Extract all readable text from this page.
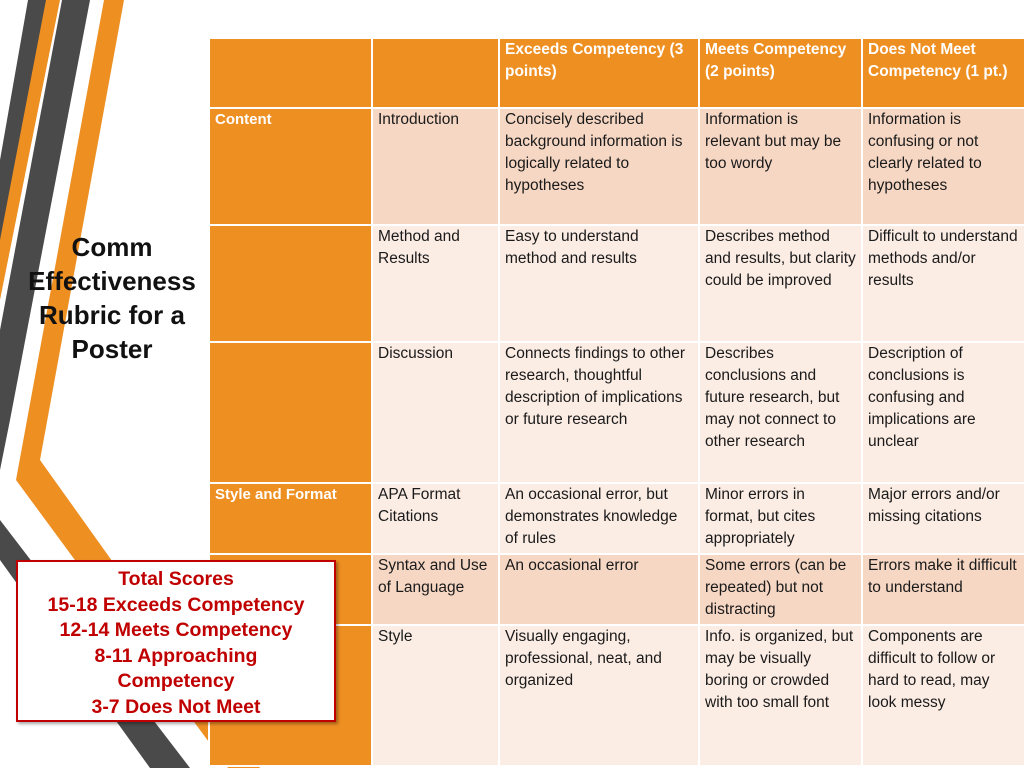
Comm
Effectiveness
Rubric for a
Poster
		Exceeds Competency (3 points)	Meets Competency (2 points)	Does Not Meet Competency (1 pt.)
Content	Introduction	Concisely described background information is logically related to hypotheses	Information is relevant but may be too wordy	Information is confusing or not clearly related to hypotheses
	Method and Results	Easy to understand method and results	Describes method and results, but clarity could be improved	Difficult to understand methods and/or results
	Discussion	Connects findings to other research, thoughtful description of implications or future research	Describes conclusions and future research, but may not connect to other research	Description of conclusions is confusing and implications are unclear
Style and Format	APA Format Citations	An occasional error, but demonstrates knowledge of rules	Minor errors in format, but cites appropriately	Major errors and/or missing citations
	Syntax and Use of Language	An occasional error	Some errors (can be repeated) but not distracting	Errors make it difficult to understand
	Style	Visually engaging, professional, neat, and organized	Info. is organized, but may be visually boring or crowded with too small font	Components are difficult to follow or hard to read, may look messy
Total Scores
15-18 Exceeds Competency
12-14 Meets Competency
8-11 Approaching
Competency
3-7 Does Not Meet
